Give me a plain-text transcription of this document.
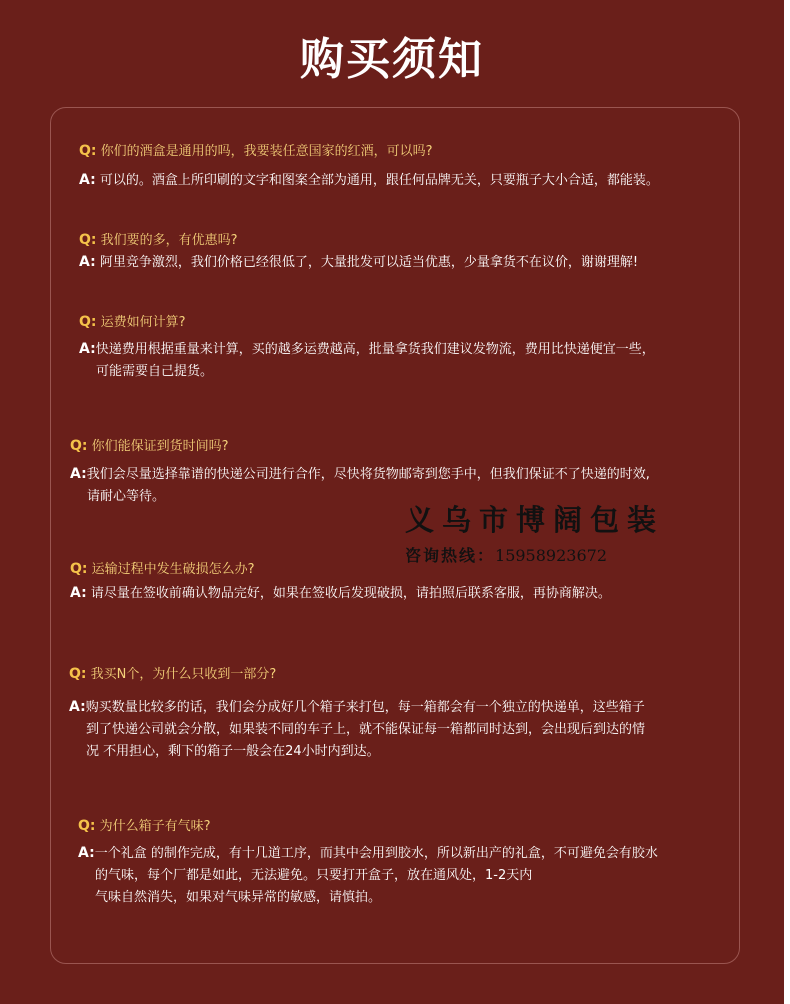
购买须知
Q: 你们的酒盒是通用的吗，我要装任意国家的红酒，可以吗?
A: 可以的。酒盒上所印刷的文字和图案全部为通用，跟任何品牌无关，只要瓶子大小合适，都能装。
Q: 我们要的多，有优惠吗?
A: 阿里竞争激烈，我们价格已经很低了，大量批发可以适当优惠，少量拿货不在议价，谢谢理解!
Q: 运费如何计算?
A:快递费用根据重量来计算，买的越多运费越高，批量拿货我们建议发物流，费用比快递便宜一些，
可能需要自己提货。
Q: 你们能保证到货时间吗?
A:我们会尽量选择靠谱的快递公司进行合作，尽快将货物邮寄到您手中，但我们保证不了快递的时效,
请耐心等待。
Q: 运输过程中发生破损怎么办?
A: 请尽量在签收前确认物品完好，如果在签收后发现破损，请拍照后联系客服，再协商解决。
Q: 我买N个，为什么只收到一部分?
A:购买数量比较多的话，我们会分成好几个箱子来打包，每一箱都会有一个独立的快递单，这些箱子
到了快递公司就会分散，如果装不同的车子上，就不能保证每一箱都同时达到，会出现后到达的情
况 不用担心，剩下的箱子一般会在24小时内到达。
Q: 为什么箱子有气味?
A:一个礼盒 的制作完成，有十几道工序，而其中会用到胶水，所以新出产的礼盒，不可避免会有胶水
的气味，每个厂都是如此，无法避免。只要打开盒子，放在通风处，1-2天内
气味自然消失，如果对气味异常的敏感，请慎拍。
义乌市博阔包装
咨询热线：15958923672
